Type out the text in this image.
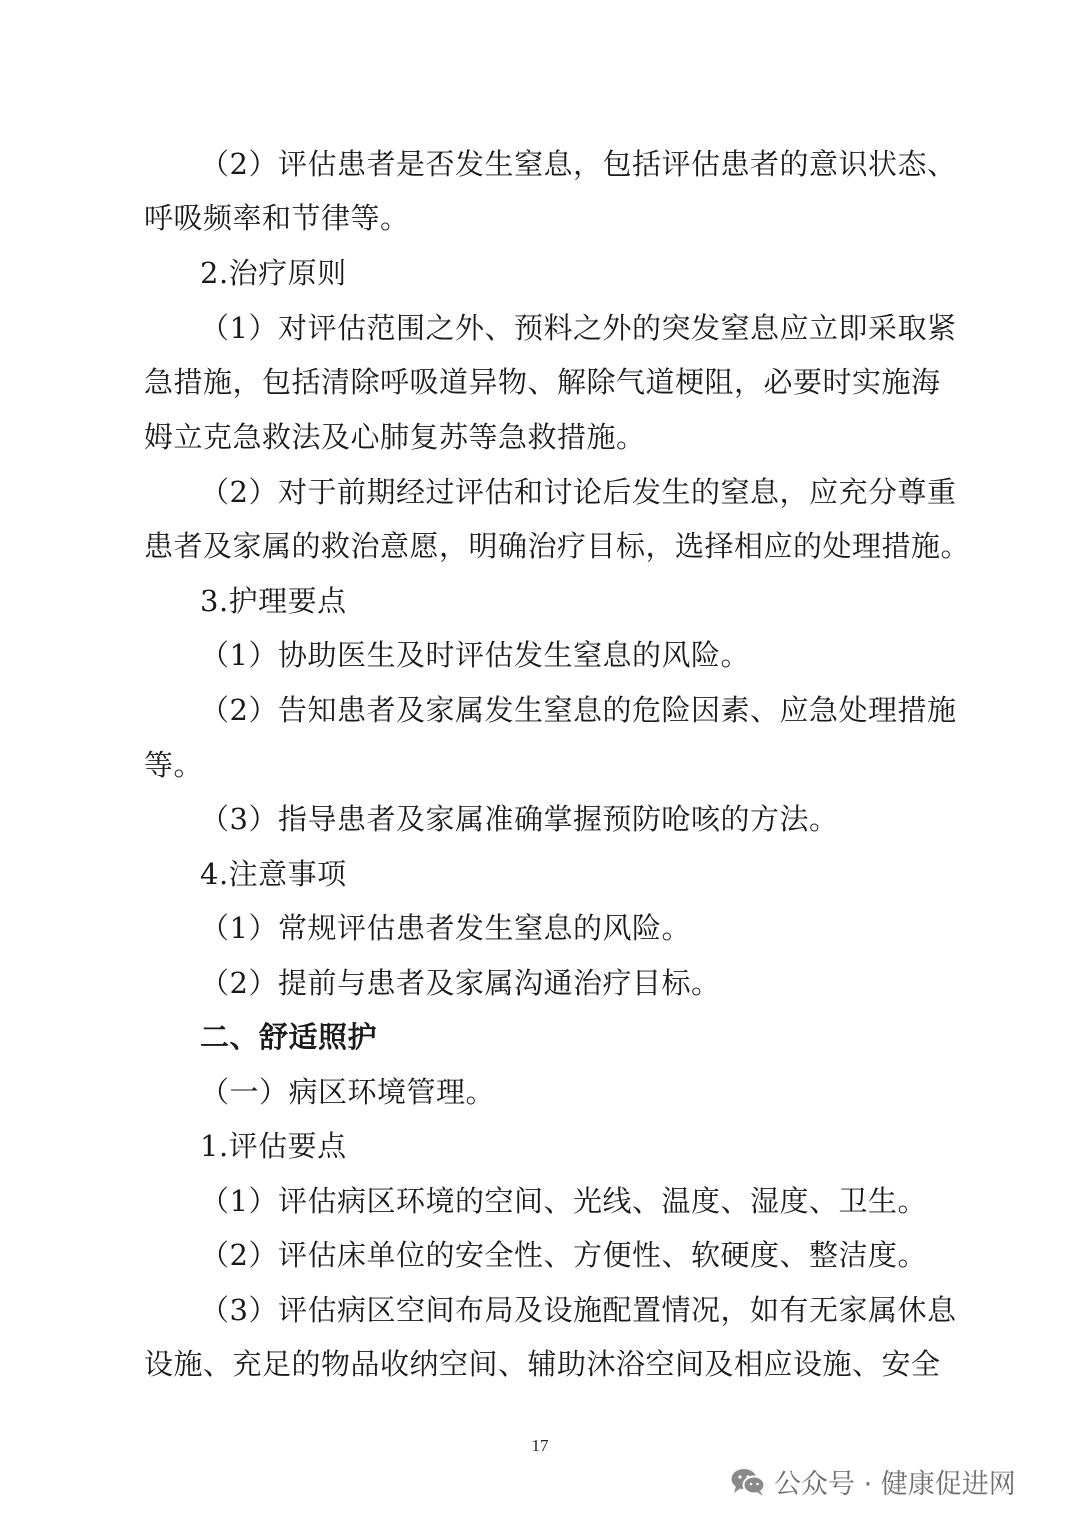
（2）评估患者是否发生窒息，包括评估患者的意识状态、
呼吸频率和节律等。
2.治疗原则
（1）对评估范围之外、预料之外的突发窒息应立即采取紧
急措施，包括清除呼吸道异物、解除气道梗阻，必要时实施海
姆立克急救法及心肺复苏等急救措施。
（2）对于前期经过评估和讨论后发生的窒息，应充分尊重
患者及家属的救治意愿，明确治疗目标，选择相应的处理措施。
3.护理要点
（1）协助医生及时评估发生窒息的风险。
（2）告知患者及家属发生窒息的危险因素、应急处理措施
等。
（3）指导患者及家属准确掌握预防呛咳的方法。
4.注意事项
（1）常规评估患者发生窒息的风险。
（2）提前与患者及家属沟通治疗目标。
二、舒适照护
（一）病区环境管理。
1.评估要点
（1）评估病区环境的空间、光线、温度、湿度、卫生。
（2）评估床单位的安全性、方便性、软硬度、整洁度。
（3）评估病区空间布局及设施配置情况，如有无家属休息
设施、充足的物品收纳空间、辅助沐浴空间及相应设施、安全
17
公众号 · 健康促进网
